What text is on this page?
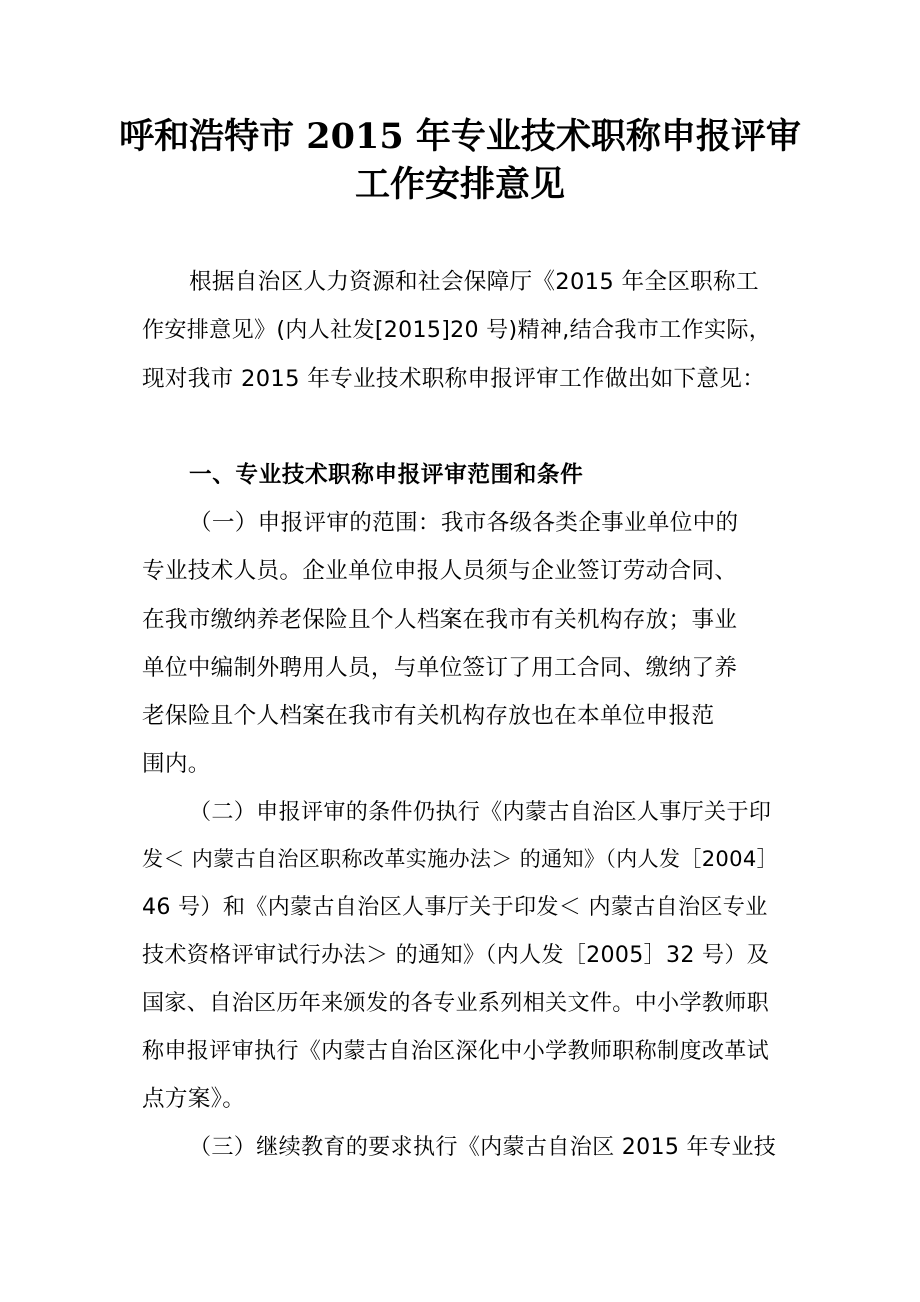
呼和浩特市 2015 年专业技术职称申报评审
工作安排意见
根据自治区人力资源和社会保障厅《2015 年全区职称工
作安排意见》(内人社发[2015]20 号)精神,结合我市工作实际，
现对我市 2015 年专业技术职称申报评审工作做出如下意见：
一、专业技术职称申报评审范围和条件
（一）申报评审的范围：我市各级各类企事业单位中的
专业技术人员。企业单位申报人员须与企业签订劳动合同、
在我市缴纳养老保险且个人档案在我市有关机构存放；事业
单位中编制外聘用人员，与单位签订了用工合同、缴纳了养
老保险且个人档案在我市有关机构存放也在本单位申报范
围内。
（二）申报评审的条件仍执行《内蒙古自治区人事厅关于印
发＜ 内蒙古自治区职称改革实施办法＞ 的通知》（内人发［2004］
46 号）和《内蒙古自治区人事厅关于印发＜ 内蒙古自治区专业
技术资格评审试行办法＞ 的通知》（内人发［2005］32 号）及
国家、自治区历年来颁发的各专业系列相关文件。中小学教师职
称申报评审执行《内蒙古自治区深化中小学教师职称制度改革试
点方案》。
（三）继续教育的要求执行《内蒙古自治区 2015 年专业技
